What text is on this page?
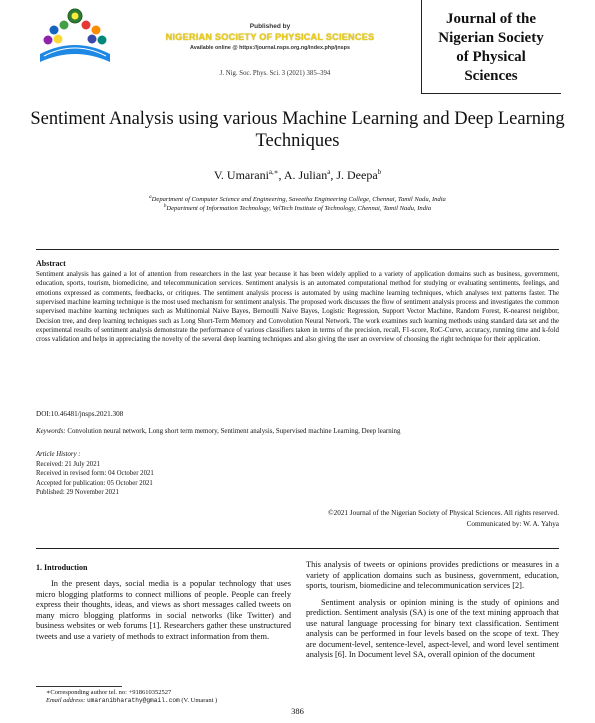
Published by
NIGERIAN SOCIETY OF PHYSICAL SCIENCES
Available online @ https://journal.nsps.org.ng/index.php/jnsps
J. Nig. Soc. Phys. Sci. 3 (2021) 385–394
Journal of the
Nigerian Society
of Physical
Sciences
Sentiment Analysis using various Machine Learning and Deep Learning Techniques
V. Umarani$^{a,∗}$, A. Julian$^a$, J. Deepa$^b$
$^a$Department of Computer Science and Engineering, Saveetha Engineering College, Chennai, Tamil Nadu, India
$^b$Department of Information Technology, VelTech Institute of Technology, Chennai, Tamil Nadu, India
Abstract
Sentiment analysis has gained a lot of attention from researchers in the last year because it has been widely applied to a variety of application domains such as business, government, education, sports, tourism, biomedicine, and telecommunication services. Sentiment analysis is an automated computational method for studying or evaluating sentiments, feelings, and emotions expressed as comments, feedbacks, or critiques. The sentiment analysis process is automated by using machine learning techniques, which analyses text patterns faster. The supervised machine learning technique is the most used mechanism for sentiment analysis. The proposed work discusses the flow of sentiment analysis process and investigates the common supervised machine learning techniques such as Multinomial Naive Bayes, Bernoulli Naive Bayes, Logistic Regression, Support Vector Machine, Random Forest, K-nearest neighbor, Decision tree, and deep learning techniques such as Long Short-Term Memory and Convolution Neural Network. The work examines such learning methods using standard data set and the experimental results of sentiment analysis demonstrate the performance of various classifiers taken in terms of the precision, recall, F1-score, RoC-Curve, accuracy, running time and k-fold cross validation and helps in appreciating the novelty of the several deep learning techniques and also giving the user an overview of choosing the right technique for their application.
DOI:10.46481/jnsps.2021.308
Keywords: Convolution neural network, Long short term memory, Sentiment analysis, Supervised machine Learning, Deep learning
Article History :
Received: 21 July 2021
Received in revised form: 04 October 2021
Accepted for publication: 05 October 2021
Published: 29 November 2021
©2021 Journal of the Nigerian Society of Physical Sciences. All rights reserved.
Communicated by: W. A. Yahya
1. Introduction

In the present days, social media is a popular technology that uses micro blogging platforms to connect millions of people. People can freely express their thoughts, ideas, and views as short messages called tweets on many micro blogging platforms in social networks (like Twitter) and business websites or web forums [1]. Researchers gather these unstructured tweets and use a variety of methods to extract information from them.

This analysis of tweets or opinions provides predictions or measures in a variety of application domains such as business, government, education, sports, tourism, biomedicine and telecommunication services [2].

Sentiment analysis or opinion mining is the study of opinions and prediction. Sentiment analysis (SA) is one of the text mining approach that use natural language processing for binary text classification. Sentiment analysis can be performed in four levels based on the scope of text. They are document-level, sentence-level, aspect-level, and word level sentiment analysis [6]. In Document level SA, overall opinion of the document

∗Corresponding author tel. no: +918610352527
Email address: umaranibharathy@gmail.com (V. Umarani )
386
